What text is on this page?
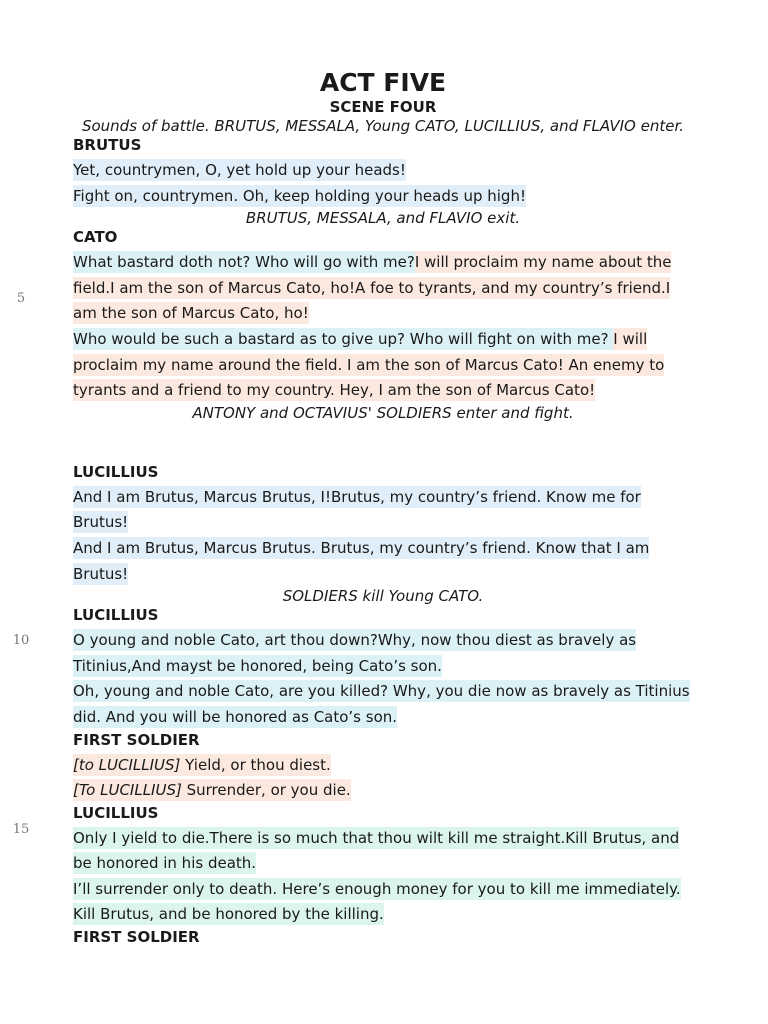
5
10
15
ACT FIVE
SCENE FOUR

Sounds of battle. BRUTUS, MESSALA, Young CATO, LUCILLIUS, and FLAVIO enter.

BRUTUS

Yet, countrymen, O, yet hold up your heads!

Fight on, countrymen. Oh, keep holding your heads up high!

BRUTUS, MESSALA, and FLAVIO exit.

CATO

What bastard doth not? Who will go with me?I will proclaim my name about the field.I am the son of Marcus Cato, ho!A foe to tyrants, and my country’s friend.I am the son of Marcus Cato, ho!

Who would be such a bastard as to give up? Who will fight on with me? I will proclaim my name around the field. I am the son of Marcus Cato! An enemy to tyrants and a friend to my country. Hey, I am the son of Marcus Cato!

ANTONY and OCTAVIUS' SOLDIERS enter and fight.

LUCILLIUS

And I am Brutus, Marcus Brutus, I!Brutus, my country’s friend. Know me for Brutus!

And I am Brutus, Marcus Brutus. Brutus, my country’s friend. Know that I am Brutus!

SOLDIERS kill Young CATO.

LUCILLIUS

O young and noble Cato, art thou down?Why, now thou diest as bravely as Titinius,And mayst be honored, being Cato’s son.

Oh, young and noble Cato, are you killed? Why, you die now as bravely as Titinius did. And you will be honored as Cato’s son.

FIRST SOLDIER

[to LUCILLIUS] Yield, or thou diest.

[To LUCILLIUS] Surrender, or you die.

LUCILLIUS

Only I yield to die.There is so much that thou wilt kill me straight.Kill Brutus, and be honored in his death.

I’ll surrender only to death. Here’s enough money for you to kill me immediately. Kill Brutus, and be honored by the killing.

FIRST SOLDIER
